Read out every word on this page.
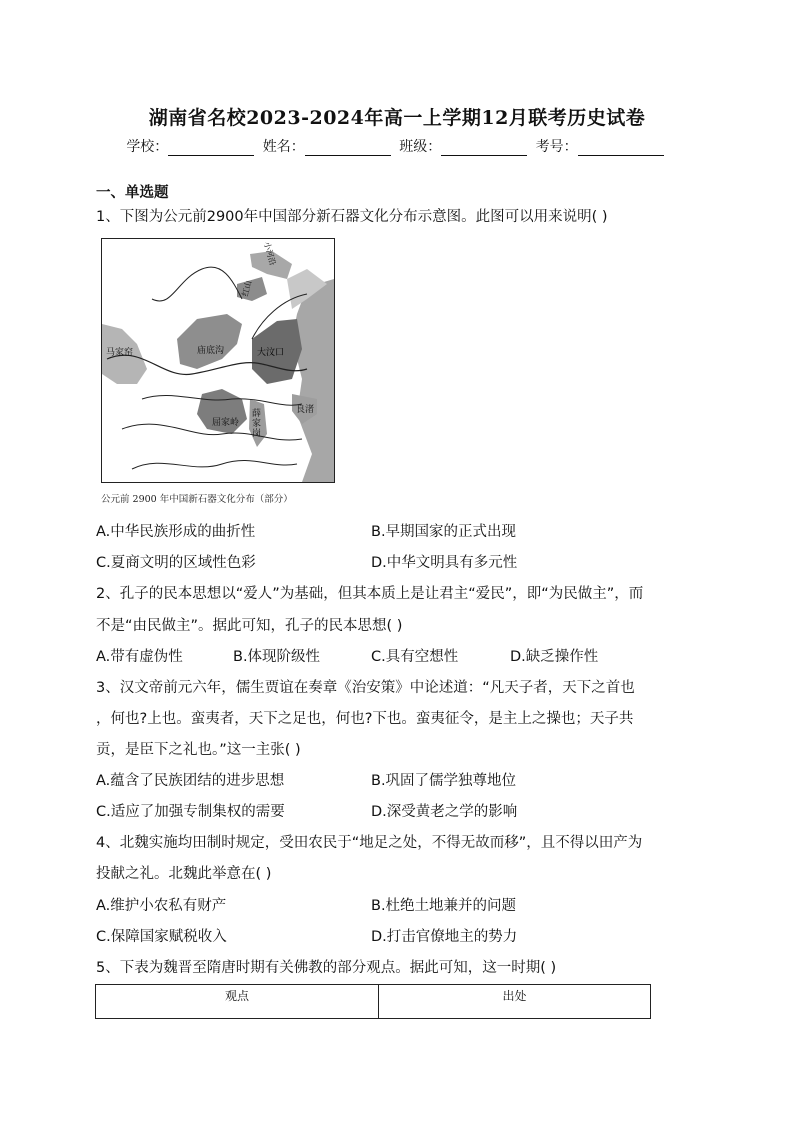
湖南省名校2023-2024年高一上学期12月联考历史试卷
学校：	姓名：	班级：	考号：
一、单选题
1、下图为公元前2900年中国部分新石器文化分布示意图。此图可以用来说明( )
马家窑	庙底沟	大汶口
良渚
屈家岭
薛家岗
小河沿
红山
公元前 2900 年中国新石器文化分布（部分）
A.中华民族形成的曲折性	B.早期国家的正式出现
C.夏商文明的区域性色彩	D.中华文明具有多元性
2、孔子的民本思想以“爱人”为基础，但其本质上是让君主“爱民”，即“为民做主”，而
不是“由民做主”。据此可知，孔子的民本思想( )
A.带有虚伪性	B.体现阶级性	C.具有空想性	D.缺乏操作性
3、汉文帝前元六年，儒生贾谊在奏章《治安策》中论述道：“凡天子者，天下之首也
，何也?上也。蛮夷者，天下之足也，何也?下也。蛮夷征令，是主上之操也；天子共
贡，是臣下之礼也。”这一主张( )
A.蕴含了民族团结的进步思想	B.巩固了儒学独尊地位
C.适应了加强专制集权的需要	D.深受黄老之学的影响
4、北魏实施均田制时规定，受田农民于“地足之处，不得无故而移”，且不得以田产为
投献之礼。北魏此举意在( )
A.维护小农私有财产	B.杜绝土地兼并的问题
C.保障国家赋税收入	D.打击官僚地主的势力
5、下表为魏晋至隋唐时期有关佛教的部分观点。据此可知，这一时期( )
观点	出处
